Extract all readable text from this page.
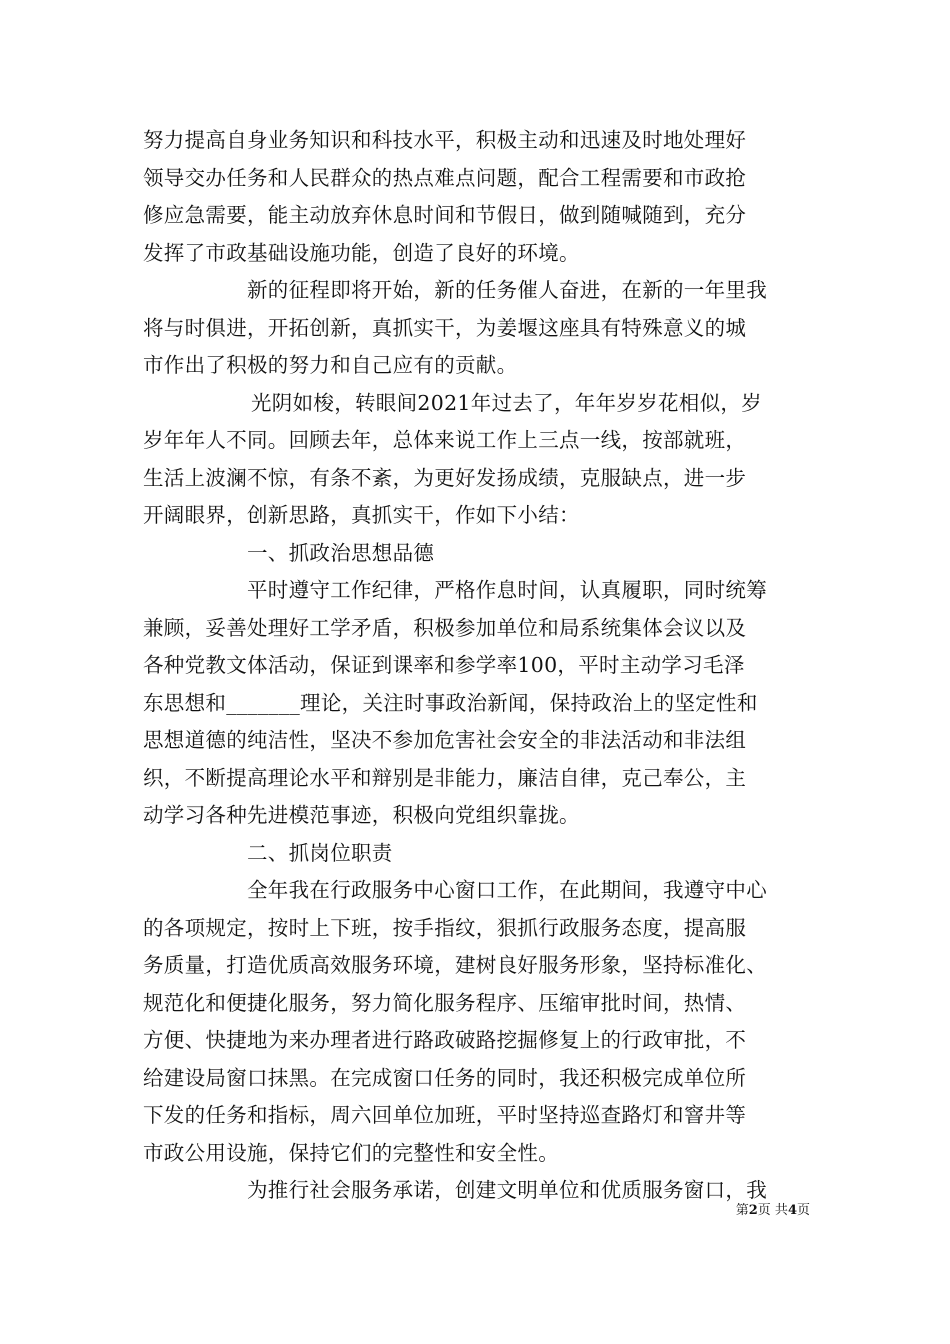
努力提高自身业务知识和科技水平，积极主动和迅速及时地处理好
领导交办任务和人民群众的热点难点问题，配合工程需要和市政抢
修应急需要，能主动放弃休息时间和节假日，做到随喊随到，充分
发挥了市政基础设施功能，创造了良好的环境。
新的征程即将开始，新的任务催人奋进，在新的一年里我
将与时俱进，开拓创新，真抓实干，为姜堰这座具有特殊意义的城
市作出了积极的努力和自己应有的贡献。
光阴如梭，转眼间2021年过去了，年年岁岁花相似，岁
岁年年人不同。回顾去年，总体来说工作上三点一线，按部就班，
生活上波澜不惊，有条不紊，为更好发扬成绩，克服缺点，进一步
开阔眼界，创新思路，真抓实干，作如下小结：
一、抓政治思想品德
平时遵守工作纪律，严格作息时间，认真履职，同时统筹
兼顾，妥善处理好工学矛盾，积极参加单位和局系统集体会议以及
各种党教文体活动，保证到课率和参学率100，平时主动学习毛泽
东思想和_______理论，关注时事政治新闻，保持政治上的坚定性和
思想道德的纯洁性，坚决不参加危害社会安全的非法活动和非法组
织，不断提高理论水平和辩别是非能力，廉洁自律，克己奉公，主
动学习各种先进模范事迹，积极向党组织靠拢。
二、抓岗位职责
全年我在行政服务中心窗口工作，在此期间，我遵守中心
的各项规定，按时上下班，按手指纹，狠抓行政服务态度，提高服
务质量，打造优质高效服务环境，建树良好服务形象，坚持标准化、
规范化和便捷化服务，努力简化服务程序、压缩审批时间，热情、
方便、快捷地为来办理者进行路政破路挖掘修复上的行政审批，不
给建设局窗口抹黑。在完成窗口任务的同时，我还积极完成单位所
下发的任务和指标，周六回单位加班，平时坚持巡查路灯和窨井等
市政公用设施，保持它们的完整性和安全性。
为推行社会服务承诺，创建文明单位和优质服务窗口，我
第2页 共4页
